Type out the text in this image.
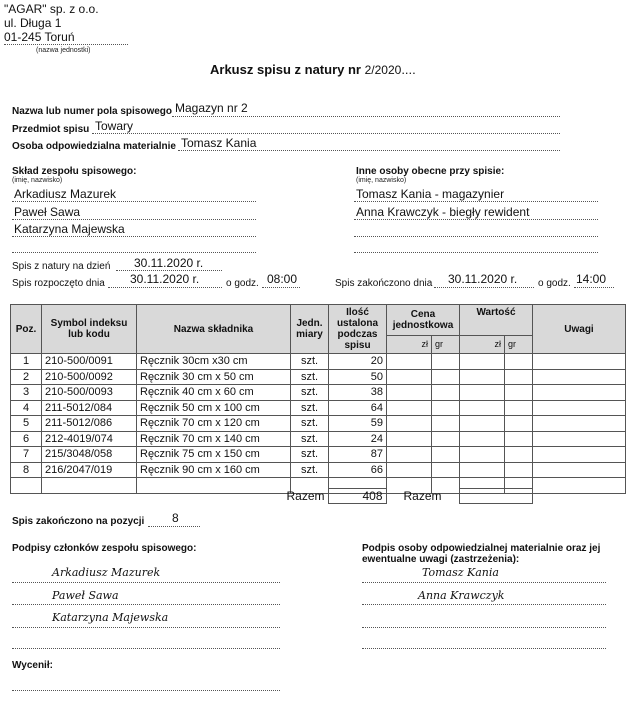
"AGAR" sp. z o.o.
ul. Długa 1
01-245 Toruń
(nazwa jednostki)
Arkusz spisu z natury nr 2/2020....
Nazwa lub numer pola spisowego Magazyn nr 2
Przedmiot spisu Towary
Osoba odpowiedzialna materialnie Tomasz Kania
Skład zespołu spisowego:
(imię, nazwisko)
Arkadiusz Mazurek
Paweł Sawa
Katarzyna Majewska
Inne osoby obecne przy spisie:
(imię, nazwisko)
Tomasz Kania - magazynier
Anna Krawczyk - biegły rewident
Spis z natury na dzień 30.11.2020 r.
Spis rozpoczęto dnia 30.11.2020 r.	o godz. 08:00	Spis zakończono dnia 30.11.2020 r. o godz. 14:00
Poz.	Symbol indeksu lub kodu	Nazwa składnika	Jedn. miary	Ilość ustalona podczas spisu	Cena jednostkowa		Wartość		Uwagi
					zł	gr	zł	gr	
1	210-500/0091	Ręcznik 30cm x30 cm	szt.	20					
2	210-500/0092	Ręcznik 30 cm x 50 cm	szt.	50					
3	210-500/0093	Ręcznik 40 cm x 60 cm	szt.	38					
4	211-5012/084	Ręcznik 50 cm x 100 cm	szt.	64					
5	211-5012/086	Ręcznik 70 cm x 120 cm	szt.	59					
6	212-4019/074	Ręcznik 70 cm x 140 cm	szt.	24					
7	215/3048/058	Ręcznik 75 cm x 150 cm	szt.	87					
8	216/2047/019	Ręcznik 90 cm x 160 cm	szt.	66					

Razem	408	Razem		
Spis zakończono na pozycji 8
Podpisy członków zespołu spisowego:
Arkadiusz Mazurek
Paweł Sawa
Katarzyna Majewska
Podpis osoby odpowiedzialnej materialnie oraz jej
ewentualne uwagi (zastrzeżenia):
Tomasz Kania
Anna Krawczyk
Wycenił:
